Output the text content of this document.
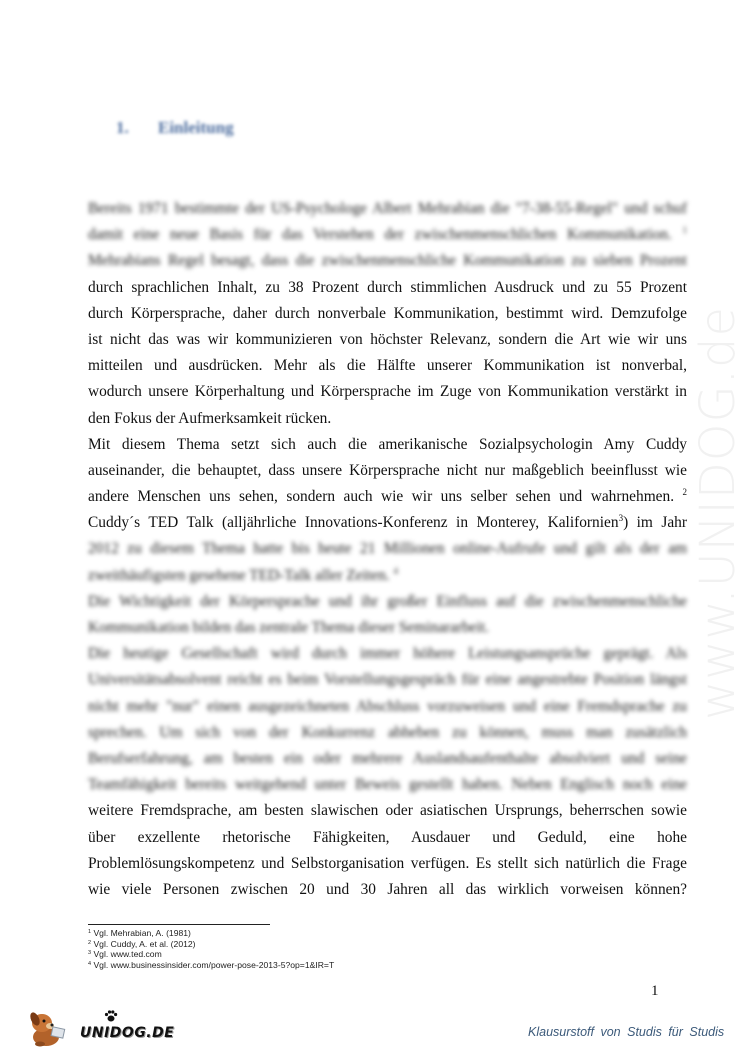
www.UNIDOG.de
1. Einleitung
Bereits 1971 bestimmte der US-Psychologe Albert Mehrabian die "7-38-55-Regel" und schuf
damit eine neue Basis für das Verstehen der zwischenmenschlichen Kommunikation. $^1$
Mehrabians Regel besagt, dass die zwischenmenschliche Kommunikation zu sieben Prozent
durch sprachlichen Inhalt, zu 38 Prozent durch stimmlichen Ausdruck und zu 55 Prozent
durch Körpersprache, daher durch nonverbale Kommunikation, bestimmt wird. Demzufolge
ist nicht das was wir kommunizieren von höchster Relevanz, sondern die Art wie wir uns
mitteilen und ausdrücken. Mehr als die Hälfte unserer Kommunikation ist nonverbal,
wodurch unsere Körperhaltung und Körpersprache im Zuge von Kommunikation verstärkt in
den Fokus der Aufmerksamkeit rücken.
Mit diesem Thema setzt sich auch die amerikanische Sozialpsychologin Amy Cuddy
auseinander, die behauptet, dass unsere Körpersprache nicht nur maßgeblich beeinflusst wie
andere Menschen uns sehen, sondern auch wie wir uns selber sehen und wahrnehmen. $^2$
Cuddy´s TED Talk (alljährliche Innovations-Konferenz in Monterey, Kalifornien$^3$) im Jahr
2012 zu diesem Thema hatte bis heute 21 Millionen online-Aufrufe und gilt als der am
zweithäufigsten gesehene TED-Talk aller Zeiten. $^4$
Die Wichtigkeit der Körpersprache und ihr großer Einfluss auf die zwischenmenschliche
Kommunikation bilden das zentrale Thema dieser Seminararbeit.
Die heutige Gesellschaft wird durch immer höhere Leistungsansprüche geprägt. Als
Universitätsabsolvent reicht es beim Vorstellungsgespräch für eine angestrebte Position längst
nicht mehr "nur" einen ausgezeichneten Abschluss vorzuweisen und eine Fremdsprache zu
sprechen. Um sich von der Konkurrenz abheben zu können, muss man zusätzlich
Berufserfahrung, am besten ein oder mehrere Auslandsaufenthalte absolviert und seine
Teamfähigkeit bereits weitgehend unter Beweis gestellt haben. Neben Englisch noch eine
weitere Fremdsprache, am besten slawischen oder asiatischen Ursprungs, beherrschen sowie
über exzellente rhetorische Fähigkeiten, Ausdauer und Geduld, eine hohe
Problemlösungskompetenz und Selbstorganisation verfügen. Es stellt sich natürlich die Frage
wie viele Personen zwischen 20 und 30 Jahren all das wirklich vorweisen können?
$^1$ Vgl. Mehrabian, A. (1981)
$^2$ Vgl. Cuddy, A. et al. (2012)
$^3$ Vgl. www.ted.com
$^4$ Vgl. www.businessinsider.com/power-pose-2013-5?op=1&IR=T
1
UNIDOG.DE	Klausurstoff von Studis für Studis
